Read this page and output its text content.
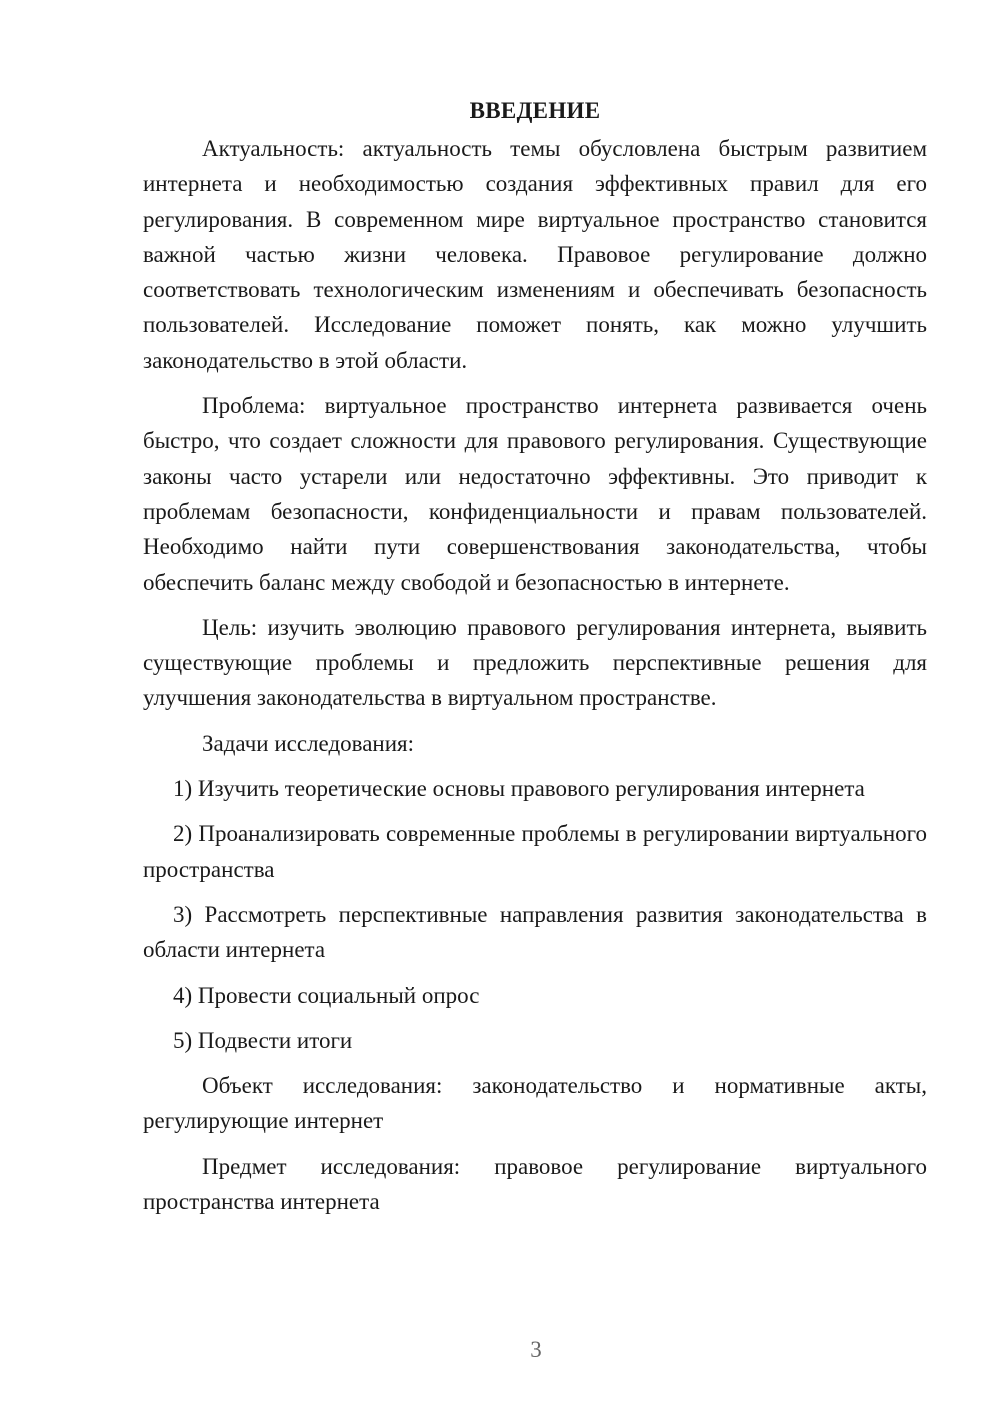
ВВЕДЕНИЕ

Актуальность: актуальность темы обусловлена быстрым развитием интернета и необходимостью создания эффективных правил для его регулирования. В современном мире виртуальное пространство становится важной частью жизни человека. Правовое регулирование должно соответствовать технологическим изменениям и обеспечивать безопасность пользователей. Исследование поможет понять, как можно улучшить законодательство в этой области.

Проблема: виртуальное пространство интернета развивается очень быстро, что создает сложности для правового регулирования. Существующие законы часто устарели или недостаточно эффективны. Это приводит к проблемам безопасности, конфиденциальности и правам пользователей. Необходимо найти пути совершенствования законодательства, чтобы обеспечить баланс между свободой и безопасностью в интернете.

Цель: изучить эволюцию правового регулирования интернета, выявить существующие проблемы и предложить перспективные решения для улучшения законодательства в виртуальном пространстве.

Задачи исследования:

1) Изучить теоретические основы правового регулирования интернета

2) Проанализировать современные проблемы в регулировании виртуального пространства

3) Рассмотреть перспективные направления развития законодательства в области интернета

4) Провести социальный опрос

5) Подвести итоги

Объект исследования: законодательство и нормативные акты, регулирующие интернет

Предмет исследования: правовое регулирование виртуального пространства интернета

3
